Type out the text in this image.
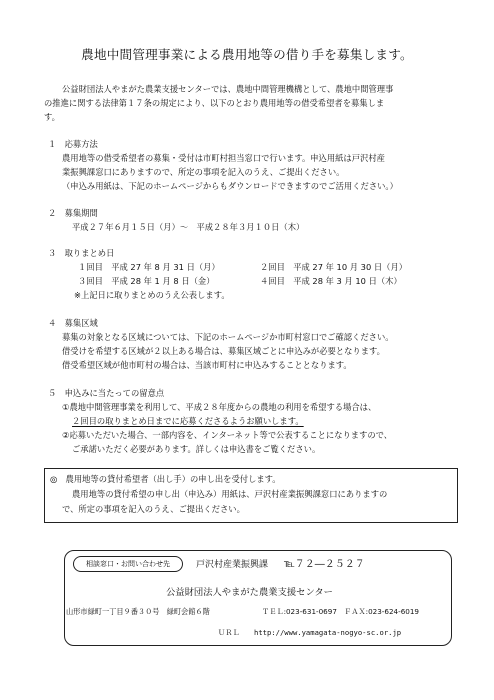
農地中間管理事業による農用地等の借り手を募集します。
公益財団法人やまがた農業支援センターでは、農地中間管理機構として、農地中間管理事
の推進に関する法律第１７条の規定により、以下のとおり農用地等の借受希望者を募集しま
す。
１　応募方法
農用地等の借受希望者の募集・受付は市町村担当窓口で行います。申込用紙は戸沢村産
業振興課窓口にありますので、所定の事項を記入のうえ、ご提出ください。
（申込み用紙は、下記のホームページからもダウンロードできますのでご活用ください。）
２　募集期間
平成２７年６月１５日（月）～　平成２８年３月１０日（木）
３　取りまとめ日
１回目　平成 27 年 8 月 31 日（月）	２回目　平成 27 年 10 月 30 日（月）
３回目　平成 28 年 1 月 8 日（金）	４回目　平成 28 年 3 月 10 日（木）
※上記日に取りまとめのうえ公表します。
４　募集区域
募集の対象となる区域については、下記のホームページか市町村窓口でご確認ください。
借受けを希望する区域が２以上ある場合は、募集区域ごとに申込みが必要となります。
借受希望区域が他市町村の場合は、当該市町村に申込みすることとなります。
５　申込みに当たっての留意点
①農地中間管理事業を利用して、平成２８年度からの農地の利用を希望する場合は、
２回目の取りまとめ日までに応募くださるようお願いします。
②応募いただいた場合、一部内容を、インターネット等で公表することになりますので、
ご承諾いただく必要があります。詳しくは申込書をご覧ください。
◎　農用地等の貸付希望者（出し手）の申し出を受付します。
農用地等の貸付希望の申し出（申込み）用紙は、戸沢村産業振興課窓口にありますの
で、所定の事項を記入のうえ、ご提出ください。
相談窓口・お問い合わせ先	戸沢村産業振興課 ℡７２―２５２７
公益財団法人やまがた農業支援センター
山形市緑町一丁目９番３０号　緑町会館６階	ＴＥＬ:023-631-0697　ＦＡＸ:023-624-6019
ＵＲＬ http://www.yamagata-nogyo-sc.or.jp
